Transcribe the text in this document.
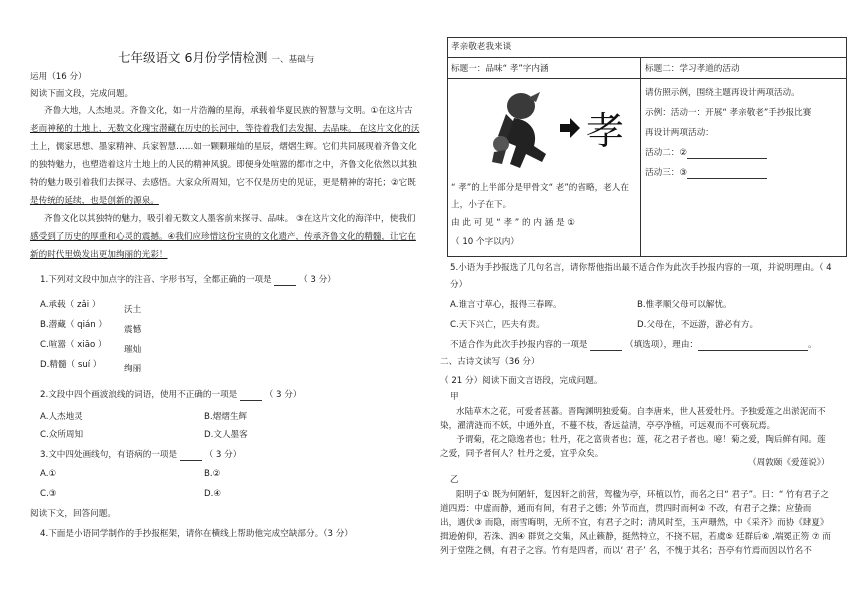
七年级语文 6月份学情检测 一、基础与
运用（16 分）
阅读下面文段，完成问题。
齐鲁大地，人杰地灵。齐鲁文化，如一片浩瀚的星海，承载着华夏民族的智慧与文明。①在这片古
老而神秘的土地上，无数文化瑰宝潜藏在历史的长河中，等待着我们去发掘、去品味。 在这片文化的沃
土上，儒家思想、墨家精神、兵家智慧……如一颗颗璀灿的星辰，熠熠生辉。它们共同展现着齐鲁文化
的独特魅力，也塑造着这片土地上的人民的精神风貌。即便身处喧嚣的都市之中，齐鲁文化依然以其独
特的魅力吸引着我们去探寻、去感悟。大家众所周知，它不仅是历史的见证，更是精神的寄托；②它既
是传统的延续，也是创新的源泉。
齐鲁文化以其独特的魅力，吸引着无数文人墨客前来探寻、品味。 ③在这片文化的海洋中，使我们
感受到了历史的厚重和心灵的震撼。④我们应珍惜这份宝贵的文化遗产，传承齐鲁文化的精髓，让它在
新的时代里焕发出更加绚丽的光彩！
1.下列对文段中加点字的注音、字形书写，全都正确的一项是	（ 3 分）
A.承载（ zǎi ）	沃土
B.潜藏（ qián ） 震憾
C.喧嚣（ xiāo ） 璀灿
D.精髓（ suí ）	绚丽
2.文段中四个画波浪线的词语，使用不正确的一项是	（ 3 分）
A.人杰地灵	B.熠熠生辉
C.众所周知	D.文人墨客
3.文中四处画线句，有语病的一项是	（ 3 分）
A.①	B.②
C.③	D.④
阅读下文，回答问题。
4.下面是小语同学制作的手抄报框架，请你在横线上帮助他完成空缺部分。（3 分）
孝亲敬老我来谈
标题一：品味“ 孝”字内涵	标题二：学习孝道的活动
孝
“ 孝”的上半部分是甲骨文“ 老”的省略，老人在
上，小子在下。
由 此 可 见 “ 孝 ” 的 内 涵 是 ①
（ 10 个字以内）
请仿照示例，围绕主题再设计两项活动。
示例：活动一：开展“ 孝亲敬老”手抄报比赛
再设计两项活动：
活动二：②
活动三：③
5.小语为手抄报选了几句名言，请你帮他指出最不适合作为此次手抄报内容的一项，并说明理由。（ 4
分）
A.谁言寸草心，报得三春晖。	B.惟孝顺父母可以解忧。
C.天下兴亡，匹夫有责。	D.父母在，不远游，游必有方。
不适合作为此次手抄报内容的一项是	（填选项），理由：	。
二、古诗文读写（36 分）
（ 21 分）阅读下面文言语段，完成问题。
甲
水陆草木之花，可爱者甚蕃。晋陶渊明独爱菊。自李唐来，世人甚爱牡丹。予独爱莲之出淤泥而不
染，濯清涟而不妖，中通外直，不蔓不枝，香远益清，亭亭净植，可远观而不可亵玩焉。
予谓菊，花之隐逸者也；牡丹，花之富贵者也；莲，花之君子者也。噫！菊之爱，陶后鲜有闻。莲
之爱，同予者何人？牡丹之爱，宜乎众矣。
（周敦颐《爱莲说》）
乙
阳明子① 既为何陋轩，复因轩之前营，驾楹为亭，环植以竹，而名之曰“ 君子”。曰：“ 竹有君子之
道四焉：中虚而静，通而有间，有君子之德；外节而直，贯四时而柯② 不改，有君子之操；应蛰而
出，遇伏③ 而隐，雨雪晦明，无所不宜，有君子之时；清风时至，玉声珊然，中《采齐》而协《肆夏》
揖逊俯仰，若洙、泗④ 群贤之交集，风止籁静，挺然特立，不挠不屈，若虞⑤ 廷群后⑥ ,端冕正笏 ⑦ 而
列于堂陛之侧，有君子之容。竹有是四者，而以‘ 君子’ 名，不愧于其名；吾亭有竹焉而因以竹名不
